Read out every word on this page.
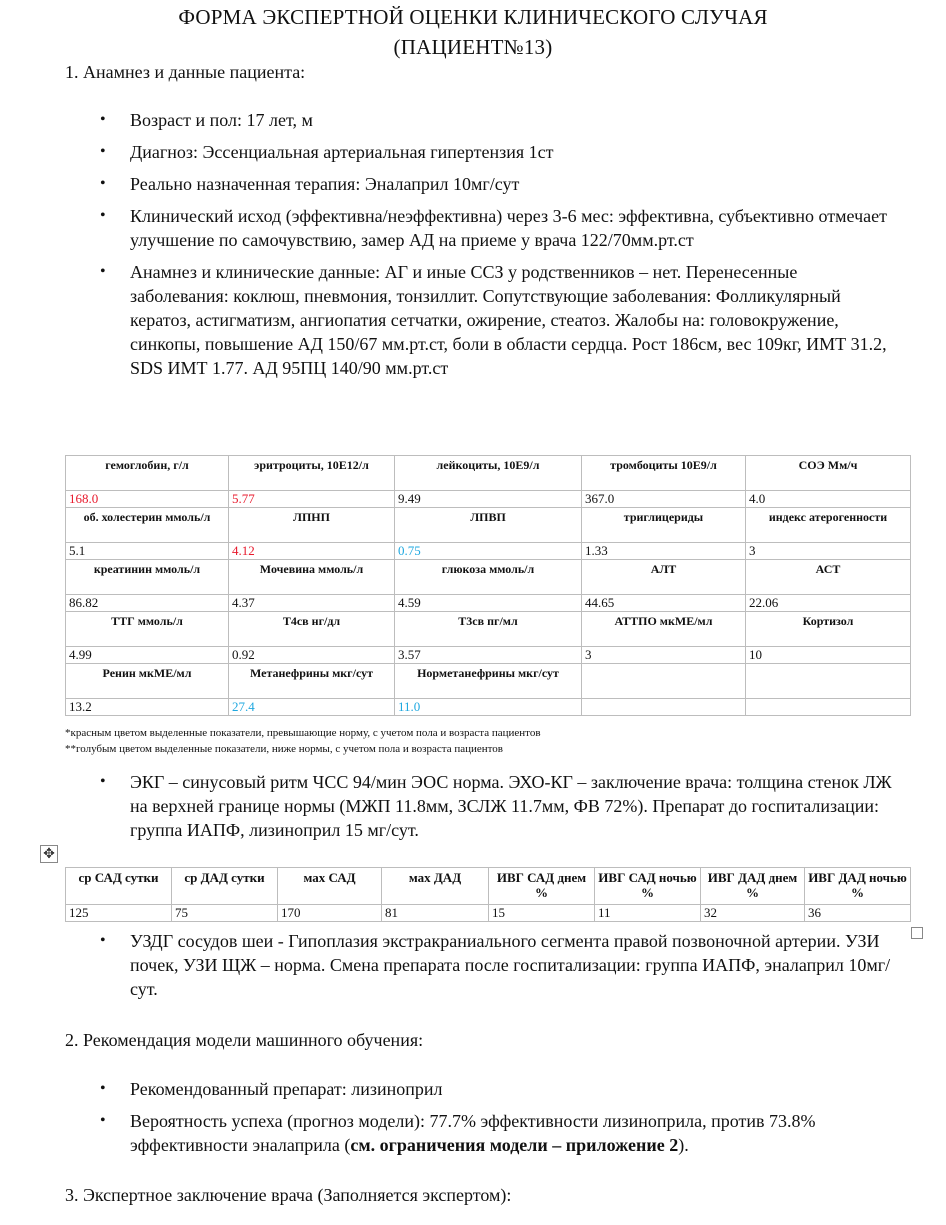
ФОРМА ЭКСПЕРТНОЙ ОЦЕНКИ КЛИНИЧЕСКОГО СЛУЧАЯ
(ПАЦИЕНТ№13)
1. Анамнез и данные пациента:
• Возраст и пол: 17 лет, м
• Диагноз: Эссенциальная артериальная гипертензия 1ст
• Реально назначенная терапия: Эналаприл 10мг/сут
• Клинический исход (эффективна/неэффективна) через 3-6 мес: эффективна, субъективно отмечает улучшение по самочувствию, замер АД на приеме у врача 122/70мм.рт.ст
• Анамнез и клинические данные: АГ и иные ССЗ у родственников – нет. Перенесенные заболевания: коклюш, пневмония, тонзиллит. Сопутствующие заболевания: Фолликулярный кератоз, астигматизм, ангиопатия сетчатки, ожирение, стеатоз. Жалобы на: головокружение, синкопы, повышение АД 150/67 мм.рт.ст, боли в области сердца. Рост 186см, вес 109кг, ИМТ 31.2, SDS ИМТ 1.77. АД 95ПЦ 140/90 мм.рт.ст
гемоглобин, г/л	эритроциты, 10Е12/л	лейкоциты, 10Е9/л	тромбоциты 10Е9/л	СОЭ Мм/ч
168.0	5.77	9.49	367.0	4.0
об. холестерин ммоль/л	ЛПНП	ЛПВП	триглицериды	индекс атерогенности
5.1	4.12	0.75	1.33	3
креатинин ммоль/л	Мочевина ммоль/л	глюкоза ммоль/л	АЛТ	АСТ
86.82	4.37	4.59	44.65	22.06
ТТГ ммоль/л	Т4св нг/дл	Т3св пг/мл	АТТПО мкМЕ/мл	Кортизол
4.99	0.92	3.57	3	10
Ренин мкМЕ/мл	Метанефрины мкг/сут	Норметанефрины мкг/сут		
13.2	27.4	11.0		
*красным цветом выделенные показатели, превышающие норму, с учетом пола и возраста пациентов
**голубым цветом выделенные показатели, ниже нормы, с учетом пола и возраста пациентов
• ЭКГ – синусовый ритм ЧСС 94/мин ЭОС норма. ЭХО-КГ – заключение врача: толщина стенок ЛЖ на верхней границе нормы (МЖП 11.8мм, ЗСЛЖ 11.7мм, ФВ 72%). Препарат до госпитализации: группа ИАПФ, лизиноприл 15 мг/сут.
✥
ср САД сутки	ср ДАД сутки	мах САД	мах ДАД	ИВГ САД днем %	ИВГ САД ночью %	ИВГ ДАД днем %	ИВГ ДАД ночью %
125	75	170	81	15	11	32	36
• УЗДГ сосудов шеи - Гипоплазия экстракраниального сегмента правой позвоночной артерии. УЗИ почек, УЗИ ЩЖ – норма. Смена препарата после госпитализации: группа ИАПФ, эналаприл 10мг/сут.
2. Рекомендация модели машинного обучения:
• Рекомендованный препарат: лизиноприл
• Вероятность успеха (прогноз модели): 77.7% эффективности лизиноприла, против 73.8% эффективности эналаприла (см. ограничения модели – приложение 2).
3. Экспертное заключение врача (Заполняется экспертом):
